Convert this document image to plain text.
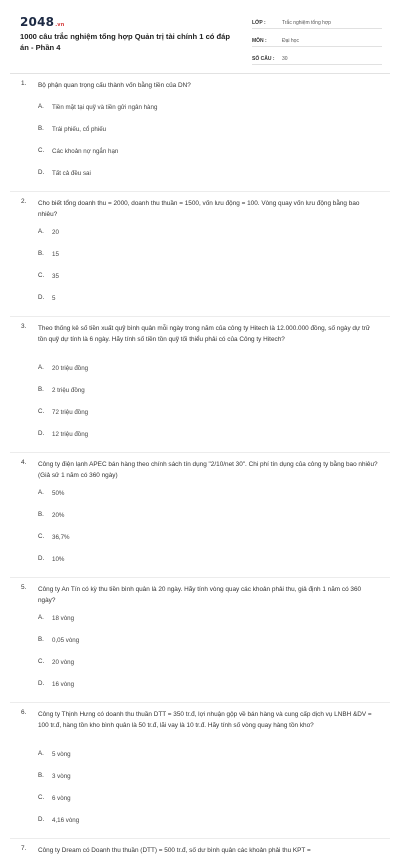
2048.vn
1000 câu trắc nghiệm tổng hợp Quản trị tài chính 1 có đáp án - Phần 4
LỚP :	Trắc nghiệm tổng hợp
MÔN :	Đại học
SỐ CÂU :	30
1. Bộ phận quan trọng cấu thành vốn bằng tiền của DN?
A.	Tiền mặt tại quỹ và tiền gửi ngân hàng
B.	Trái phiếu, cổ phiếu
C.	Các khoản nợ ngắn hạn
D.	Tất cả đều sai
2. Cho biết tổng doanh thu = 2000, doanh thu thuần = 1500, vốn lưu động = 100. Vòng quay vốn lưu động bằng bao nhiêu?
A.	20
B.	15
C.	35
D.	5
3. Theo thống kê số tiền xuất quỹ bình quân mỗi ngày trong năm của công ty Hitech là 12.000.000 đồng, số ngày dự trữ tồn quỹ dự tính là 6 ngày. Hãy tính số tiền tồn quỹ tối thiểu phải có của Công ty Hitech?
A.	20 triệu đồng
B.	2 triệu đồng
C.	72 triệu đồng
D.	12 triệu đồng
4. Công ty điện lạnh APEC bán hàng theo chính sách tín dụng "2/10/net 30". Chi phí tín dụng của công ty bằng bao nhiêu? (Giả sử 1 năm có 360 ngày)
A.	50%
B.	20%
C.	36,7%
D.	10%
5. Công ty An Tín có kỳ thu tiền bình quân là 20 ngày. Hãy tính vòng quay các khoản phải thu, giả định 1 năm có 360 ngày?
A.	18 vòng
B.	0,05 vòng
C.	20 vòng
D.	16 vòng
6. Công ty Thịnh Hưng có doanh thu thuần DTT = 350 tr.đ, lợi nhuận gộp về bán hàng và cung cấp dịch vụ LNBH &DV = 100 tr.đ, hàng tồn kho bình quân là 50 tr.đ, lãi vay là 10 tr.đ. Hãy tính số vòng quay hàng tồn kho?
A.	5 vòng
B.	3 vòng
C.	6 vòng
D.	4,16 vòng
7. Công ty Dream có Doanh thu thuần (DTT) = 500 tr.đ, số dư bình quân các khoản phải thu KPT =
